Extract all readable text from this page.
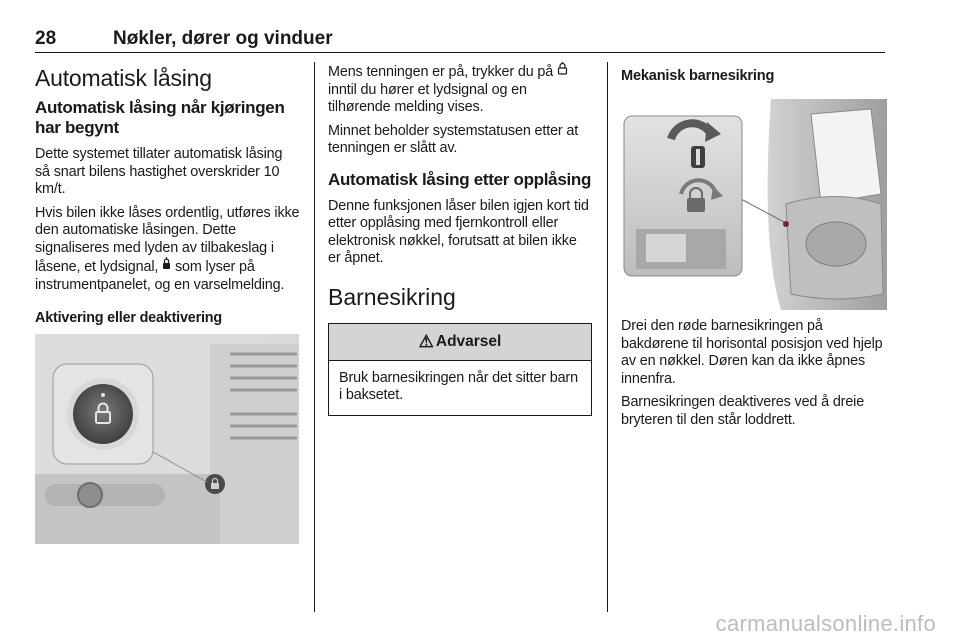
28	Nøkler, dører og vinduer
Automatisk låsing
Automatisk låsing når kjøringen har begynt

Dette systemet tillater automatisk låsing så snart bilens hastighet overskrider 10 km/t.

Hvis bilen ikke låses ordentlig, utføres ikke den automatiske låsingen. Dette signaliseres med lyden av tilbakeslag i låsene, et lydsignal, som lyser på instrumentpanelet, og en varselmelding.

Aktivering eller deaktivering

Mens tenningen er på, trykker du på  inntil du hører et lydsignal og en tilhørende melding vises.

Minnet beholder systemstatusen etter at tenningen er slått av.

Automatisk låsing etter opplåsing

Denne funksjonen låser bilen igjen kort tid etter opplåsing med fjernkontroll eller elektronisk nøkkel, forutsatt at bilen ikke er åpnet.

Barnesikring
⚠ Advarsel

Bruk barnesikringen når det sitter barn i baksetet.

Mekanisk barnesikring

Drei den røde barnesikringen på bakdørene til horisontal posisjon ved hjelp av en nøkkel. Døren kan da ikke åpnes innenfra.

Barnesikringen deaktiveres ved å dreie bryteren til den står loddrett.

carmanualsonline.info
